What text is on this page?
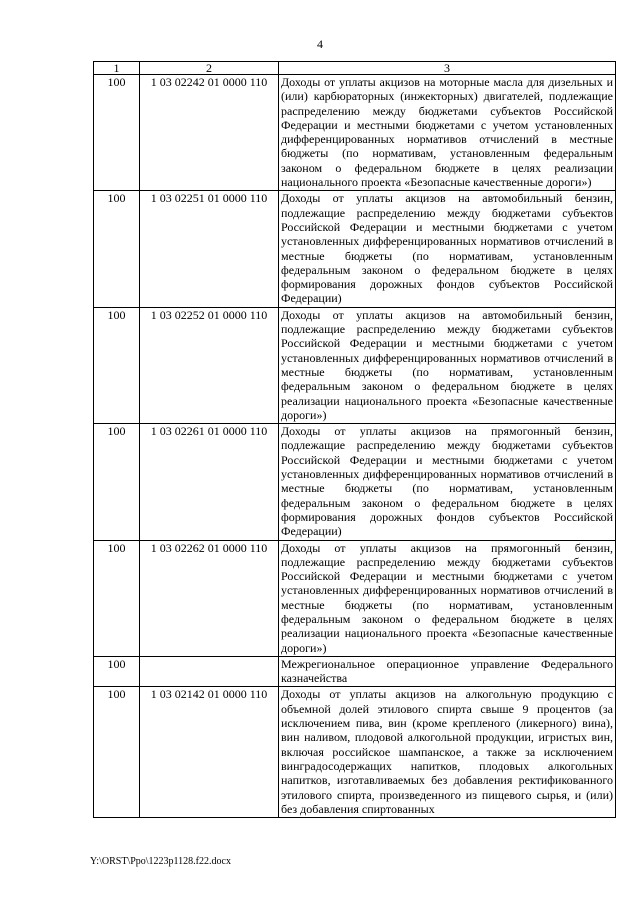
4
1	2	3
100	1 03 02242 01 0000 110	Доходы от уплаты акцизов на моторные масла для дизельных и (или) карбюраторных (инжекторных) двигателей, подлежащие распределению между бюджетами субъектов Российской Федерации и местными бюджетами с учетом установленных дифференцированных нормативов отчислений в местные бюджеты (по нормативам, установленным федеральным законом о федеральном бюджете в целях реализации национального проекта «Безопасные качественные дороги»)
100	1 03 02251 01 0000 110	Доходы от уплаты акцизов на автомобильный бензин, подлежащие распределению между бюджетами субъектов Российской Федерации и местными бюджетами с учетом установленных дифференцированных нормативов отчислений в местные бюджеты (по нормативам, установленным федеральным законом о федеральном бюджете в целях формирования дорожных фондов субъектов Российской Федерации)
100	1 03 02252 01 0000 110	Доходы от уплаты акцизов на автомобильный бензин, подлежащие распределению между бюджетами субъектов Российской Федерации и местными бюджетами с учетом установленных дифференцированных нормативов отчислений в местные бюджеты (по нормативам, установленным федеральным законом о федеральном бюджете в целях реализации национального проекта «Безопасные качественные дороги»)
100	1 03 02261 01 0000 110	Доходы от уплаты акцизов на прямогонный бензин, подлежащие распределению между бюджетами субъектов Российской Федерации и местными бюджетами с учетом установленных дифференцированных нормативов отчислений в местные бюджеты (по нормативам, установленным федеральным законом о федеральном бюджете в целях формирования дорожных фондов субъектов Российской Федерации)
100	1 03 02262 01 0000 110	Доходы от уплаты акцизов на прямогонный бензин, подлежащие распределению между бюджетами субъектов Российской Федерации и местными бюджетами с учетом установленных дифференцированных нормативов отчислений в местные бюджеты (по нормативам, установленным федеральным законом о федеральном бюджете в целях реализации национального проекта «Безопасные качественные дороги»)
100		Межрегиональное операционное управление Федерального казначейства
100	1 03 02142 01 0000 110	Доходы от уплаты акцизов на алкогольную продукцию с объемной долей этилового спирта свыше 9 процентов (за исключением пива, вин (кроме крепленого (ликерного) вина), вин наливом, плодовой алкогольной продукции, игристых вин, включая российское шампанское, а также за исключением винградосодержащих напитков, плодовых алкогольных напитков, изготавливаемых без добавления ректификованного этилового спирта, произведенного из пищевого сырья, и (или) без добавления спиртованных
Y:\ORST\Ppo\1223p1128.f22.docx
